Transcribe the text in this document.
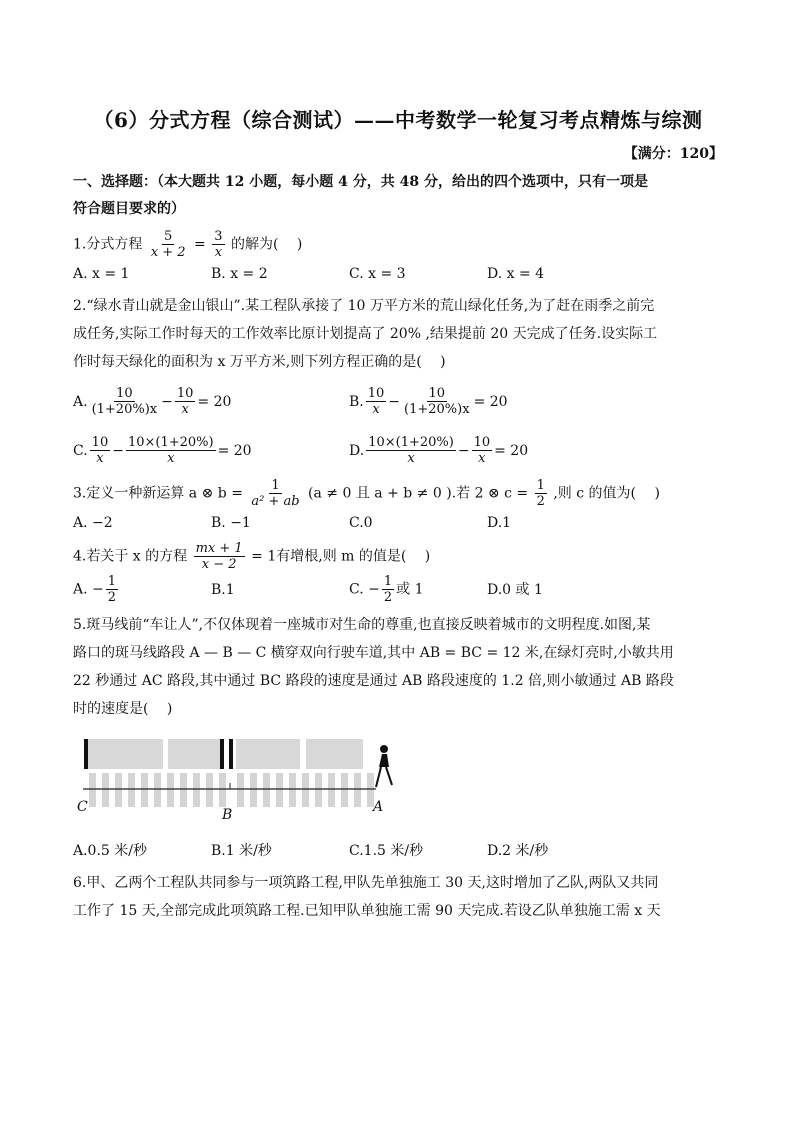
（6）分式方程（综合测试）——中考数学一轮复习考点精炼与综测
【满分：120】
一、选择题：（本大题共 12 小题，每小题 4 分，共 48 分，给出的四个选项中，只有一项是
符合题目要求的）
1.分式方程 $\frac{5}{x + 2} = \frac{3}{x}$ 的解为(　 )
A. x = 1	B. x = 2	C. x = 3	D. x = 4
2.“绿水青山就是金山银山”.某工程队承接了 10 万平方米的荒山绿化任务,为了赶在雨季之前完
成任务,实际工作时每天的工作效率比原计划提高了 20% ,结果提前 20 天完成了任务.设实际工
作时每天绿化的面积为 x 万平方米,则下列方程正确的是(　 )
A. $\frac{10}{(1+20\%)x} - \frac{10}{x} = 20$	B. $\frac{10}{x} - \frac{10}{(1+20\%)x} = 20$
C. $\frac{10}{x} - \frac{10\times(1+20\%)}{x} = 20$	D. $\frac{10\times(1+20\%)}{x} - \frac{10}{x} = 20$
3.定义一种新运算 a ⊗ $b = \frac{1}{\text{a² + ab}} (a \ne 0$ 且 a + b ≠ 0 ).若 2 ⊗ $c = \frac{1}{2}$ ,则 c 的值为(　 )
A. −2	B. −1	C.0	D.1
4.若关于 x 的方程 $\frac{mx + 1}{x - 2} = 1$有增根,则 m 的值是(　 )
A. − $\frac{1}{2}$	B.1	C. − $\frac{1}{2}$ 或 1	D.0 或 1
5.斑马线前“车让人”,不仅体现着一座城市对生命的尊重,也直接反映着城市的文明程度.如图,某
路口的斑马线路段 A — B — C 横穿双向行驶车道,其中 AB = BC = 12 米,在绿灯亮时,小敏共用
22 秒通过 AC 路段,其中通过 BC 路段的速度是通过 AB 路段速度的 1.2 倍,则小敏通过 AB 路段
时的速度是(　 )
C	B	A
A.0.5 米/秒	B.1 米/秒	C.1.5 米/秒	D.2 米/秒
6.甲、乙两个工程队共同参与一项筑路工程,甲队先单独施工 30 天,这时增加了乙队,两队又共同
工作了 15 天,全部完成此项筑路工程.已知甲队单独施工需 90 天完成.若设乙队单独施工需 x 天
